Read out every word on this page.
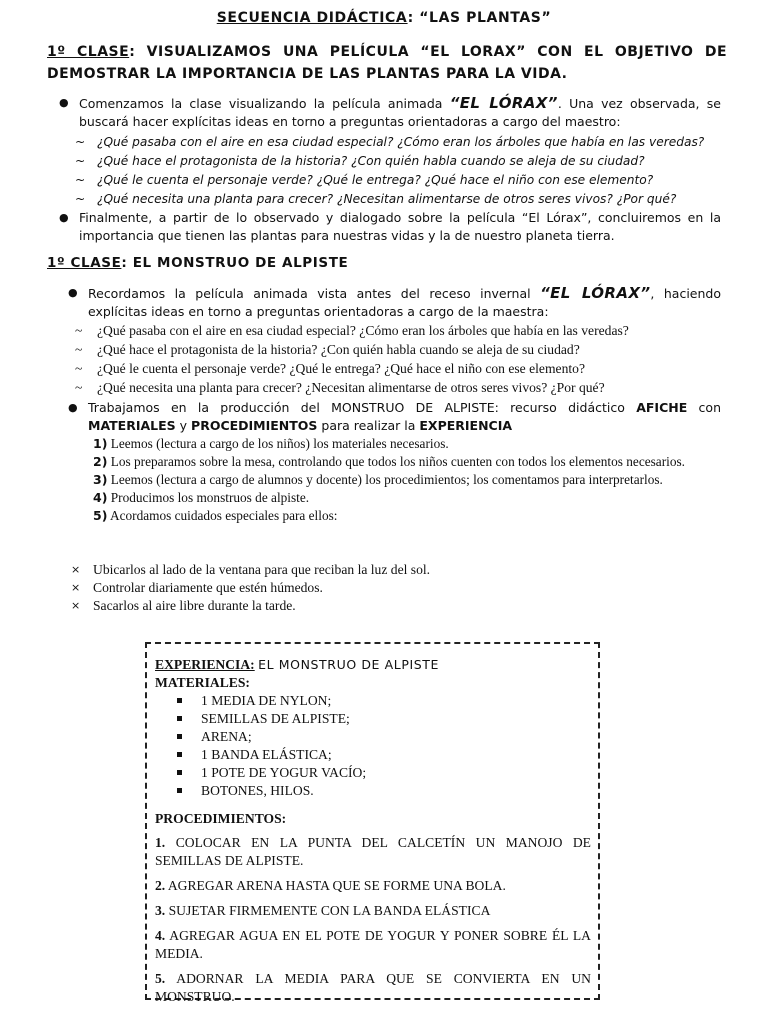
SECUENCIA DIDÁCTICA: “LAS PLANTAS”
1º CLASE: VISUALIZAMOS UNA PELÍCULA “EL LORAX” CON EL OBJETIVO DE DEMOSTRAR LA IMPORTANCIA DE LAS PLANTAS PARA LA VIDA.
● Comenzamos la clase visualizando la película animada “EL LÓRAX”. Una vez observada, se buscará hacer explícitas ideas en torno a preguntas orientadoras a cargo del maestro:
~ ¿Qué pasaba con el aire en esa ciudad especial? ¿Cómo eran los árboles que había en las veredas?
~ ¿Qué hace el protagonista de la historia? ¿Con quién habla cuando se aleja de su ciudad?
~ ¿Qué le cuenta el personaje verde? ¿Qué le entrega? ¿Qué hace el niño con ese elemento?
~ ¿Qué necesita una planta para crecer? ¿Necesitan alimentarse de otros seres vivos? ¿Por qué?
● Finalmente, a partir de lo observado y dialogado sobre la película “El Lórax”, concluiremos en la importancia que tienen las plantas para nuestras vidas y la de nuestro planeta tierra.
1º CLASE: EL MONSTRUO DE ALPISTE
● Recordamos la película animada vista antes del receso invernal “EL LÓRAX”, haciendo explícitas ideas en torno a preguntas orientadoras a cargo de la maestra:
~ ¿Qué pasaba con el aire en esa ciudad especial? ¿Cómo eran los árboles que había en las veredas?
~ ¿Qué hace el protagonista de la historia? ¿Con quién habla cuando se aleja de su ciudad?
~ ¿Qué le cuenta el personaje verde? ¿Qué le entrega? ¿Qué hace el niño con ese elemento?
~ ¿Qué necesita una planta para crecer? ¿Necesitan alimentarse de otros seres vivos? ¿Por qué?
● Trabajamos en la producción del MONSTRUO DE ALPISTE: recurso didáctico AFICHE con MATERIALES y PROCEDIMIENTOS para realizar la EXPERIENCIA
1) Leemos (lectura a cargo de los niños) los materiales necesarios.
2) Los preparamos sobre la mesa, controlando que todos los niños cuenten con todos los elementos necesarios.
3) Leemos (lectura a cargo de alumnos y docente) los procedimientos; los comentamos para interpretarlos.
4) Producimos los monstruos de alpiste.
5) Acordamos cuidados especiales para ellos:
× Ubicarlos al lado de la ventana para que reciban la luz del sol.
× Controlar diariamente que estén húmedos.
× Sacarlos al aire libre durante la tarde.
EXPERIENCIA: EL MONSTRUO DE ALPISTE
MATERIALES:
1 MEDIA DE NYLON;
SEMILLAS DE ALPISTE;
ARENA;
1 BANDA ELÁSTICA;
1 POTE DE YOGUR VACÍO;
BOTONES, HILOS.
PROCEDIMIENTOS:
1. COLOCAR EN LA PUNTA DEL CALCETÍN UN MANOJO DE SEMILLAS DE ALPISTE.
2. AGREGAR ARENA HASTA QUE SE FORME UNA BOLA.
3. SUJETAR FIRMEMENTE CON LA BANDA ELÁSTICA
4. AGREGAR AGUA EN EL POTE DE YOGUR Y PONER SOBRE ÉL LA MEDIA.
5. ADORNAR LA MEDIA PARA QUE SE CONVIERTA EN UN MONSTRUO.
